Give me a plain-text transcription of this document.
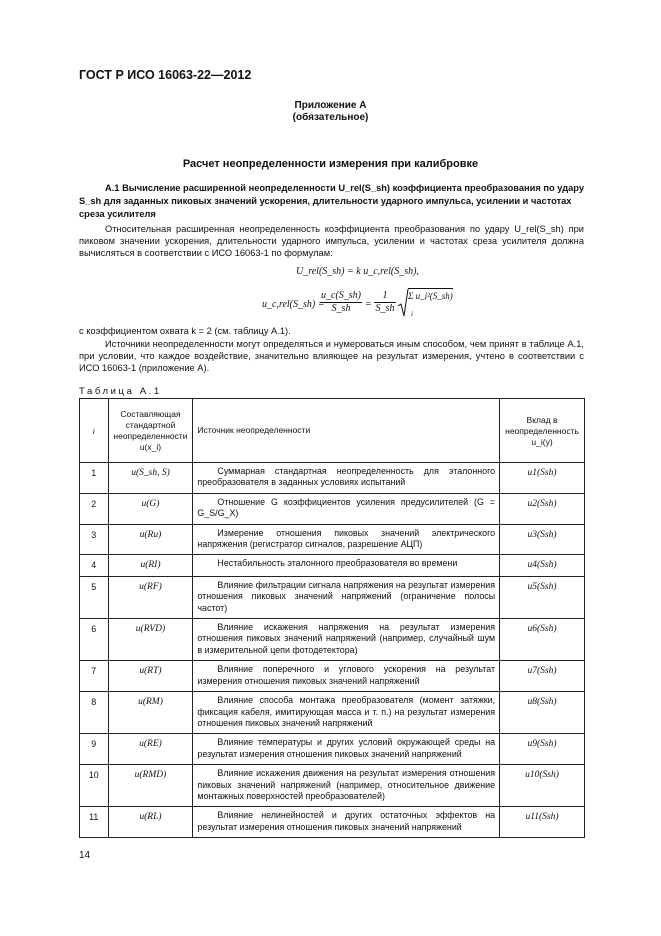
ГОСТ Р ИСО 16063-22—2012
Приложение A
(обязательное)
Расчет неопределенности измерения при калибровке
A.1 Вычисление расширенной неопределенности U_rel(S_sh) коэффициента преобразования по удару S_sh для заданных пиковых значений ускорения, длительности ударного импульса, усилении и частотах среза усилителя
Относительная расширенная неопределенность коэффициента преобразования по удару U_rel(S_sh) при пиковом значении ускорения, длительности ударного импульса, усилении и частотах среза усилителя должна вычисляться в соответствии с ИСО 16063-1 по формулам:
U_rel(S_sh) = k u_c,rel(S_sh),
u_c,rel(S_sh) =
$\frac{u\_c(S\_sh)}{S\_sh} = \frac{1}{S\_sh}$ Σ u_i²(S_sh)
i
с коэффициентом охвата k = 2 (см. таблицу A.1).
Источники неопределенности могут определяться и нумероваться иным способом, чем принят в таблице A.1, при условии, что каждое воздействие, значительно влияющее на результат измерения, учтено в соответствии с ИСО 16063-1 (приложение А).
Таблица A.1
i	Составляющая стандартной неопределенности u(x_i)	Источник неопределенности	Вклад в неопределенность u_i(y)
1	u(S_sh, S)	Суммарная стандартная неопределенность для эталонного преобразователя в заданных условиях испытаний	u1(Ssh)
2	u(G)	Отношение G коэффициентов усиления предусилителей (G = G_S/G_X)	u2(Ssh)
3	u(Ru)	Измерение отношения пиковых значений электрического напряжения (регистратор сигналов, разрешение АЦП)	u3(Ssh)
4	u(RI)	Нестабильность эталонного преобразователя во времени	u4(Ssh)
5	u(RF)	Влияние фильтрации сигнала напряжения на результат измерения отношения пиковых значений напряжений (ограничение полосы частот)	u5(Ssh)
6	u(RVD)	Влияние искажения напряжения на результат измерения отношения пиковых значений напряжений (например, случайный шум в измерительной цепи фотодетектора)	u6(Ssh)
7	u(RT)	Влияние поперечного и углового ускорения на результат измерения отношения пиковых значений напряжений	u7(Ssh)
8	u(RM)	Влияние способа монтажа преобразователя (момент затяжки, фиксация кабеля, имитирующая масса и т. п.) на результат измерения отношения пиковых значений напряжений	u8(Ssh)
9	u(RE)	Влияние температуры и других условий окружающей среды на результат измерения отношения пиковых значений напряжений	u9(Ssh)
10	u(RMD)	Влияние искажения движения на результат измерения отношения пиковых значений напряжений (например, относительное движение монтажных поверхностей преобразователей)	u10(Ssh)
11	u(RL)	Влияние нелинейностей и других остаточных эффектов на результат измерения отношения пиковых значений напряжений	u11(Ssh)
14
